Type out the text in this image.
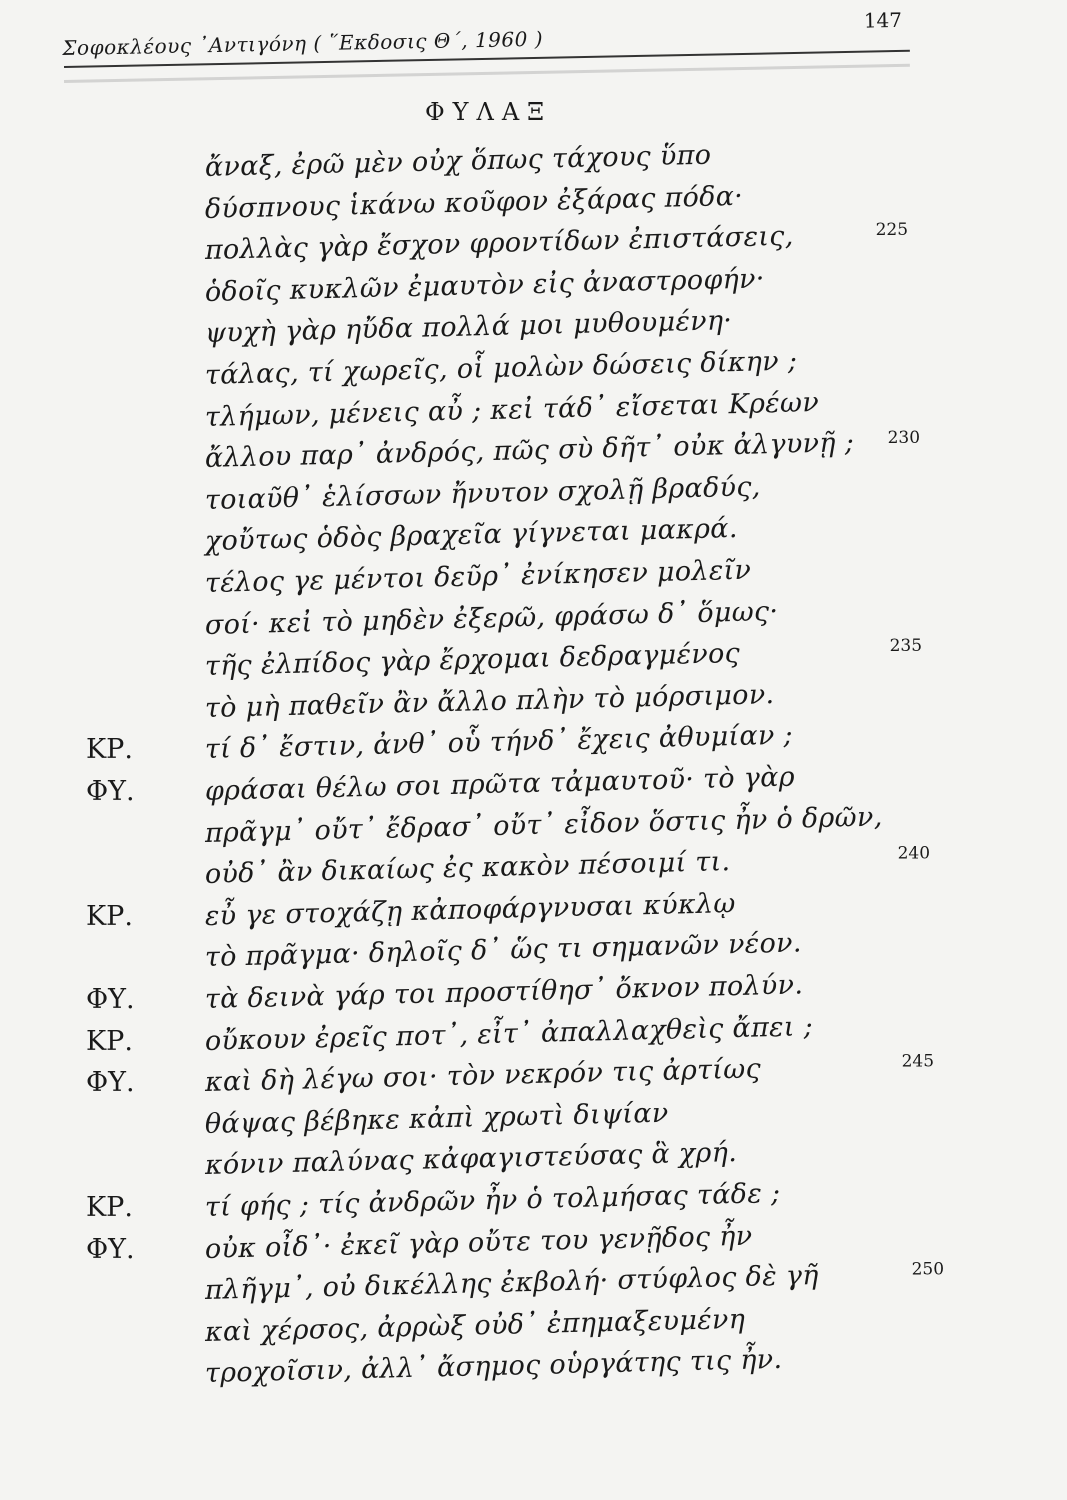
Σοφοκλέους ᾽Αντιγόνη ( ῞Εκδοσις Θ΄, 1960 )
147
ΦΥΛΑΞ
ἄναξ, ἐρῶ μὲν οὐχ ὅπως τάχους ὕπο
δύσπνους ἱκάνω κοῦφον ἐξάρας πόδα·
πολλὰς γὰρ ἔσχον φροντίδων ἐπιστάσεις,	225
ὁδοῖς κυκλῶν ἐμαυτὸν εἰς ἀναστροφήν·
ψυχὴ γὰρ ηὔδα πολλά μοι μυθουμένη·
τάλας, τί χωρεῖς, οἷ μολὼν δώσεις δίκην ;
τλήμων, μένεις αὖ ; κεἰ τάδ᾽ εἴσεται Κρέων
ἄλλου παρ᾽ ἀνδρός, πῶς σὺ δῆτ᾽ οὐκ ἀλγυνῇ ; 230
τοιαῦθ᾽ ἑλίσσων ἤνυτον σχολῇ βραδύς,
χοὔτως ὁδὸς βραχεῖα γίγνεται μακρά.
τέλος γε μέντοι δεῦρ᾽ ἐνίκησεν μολεῖν
σοί· κεἰ τὸ μηδὲν ἐξερῶ, φράσω δ᾽ ὅμως·
τῆς ἐλπίδος γὰρ ἔρχομαι δεδραγμένος	235
τὸ μὴ παθεῖν ἂν ἄλλο πλὴν τὸ μόρσιμον.
ΚΡ.	τί δ᾽ ἔστιν, ἀνθ᾽ οὗ τήνδ᾽ ἔχεις ἀθυμίαν ;
ΦΥ.	φράσαι θέλω σοι πρῶτα τἀμαυτοῦ· τὸ γὰρ
πρᾶγμ᾽ οὔτ᾽ ἔδρασ᾽ οὔτ᾽ εἶδον ὅστις ἦν ὁ δρῶν,
οὐδ᾽ ἂν δικαίως ἐς κακὸν πέσοιμί τι.	240
ΚΡ.	εὖ γε στοχάζῃ κἀποφάργνυσαι κύκλῳ
τὸ πρᾶγμα· δηλοῖς δ᾽ ὥς τι σημανῶν νέον.
ΦΥ.	τὰ δεινὰ γάρ τοι προστίθησ᾽ ὄκνον πολύν.
ΚΡ.	οὔκουν ἐρεῖς ποτ᾽, εἶτ᾽ ἀπαλλαχθεὶς ἄπει ;
ΦΥ.	καὶ δὴ λέγω σοι· τὸν νεκρόν τις ἀρτίως	245
θάψας βέβηκε κἀπὶ χρωτὶ διψίαν
κόνιν παλύνας κἀφαγιστεύσας ἃ χρή.
ΚΡ.	τί φής ; τίς ἀνδρῶν ἦν ὁ τολμήσας τάδε ;
ΦΥ.	οὐκ οἶδ᾽· ἐκεῖ γὰρ οὔτε του γενῇδος ἦν
πλῆγμ᾽, οὐ δικέλλης ἐκβολή· στύφλος δὲ γῆ	250
καὶ χέρσος, ἀρρὼξ οὐδ᾽ ἐπημαξευμένη
τροχοῖσιν, ἀλλ᾽ ἄσημος οὑργάτης τις ἦν.
